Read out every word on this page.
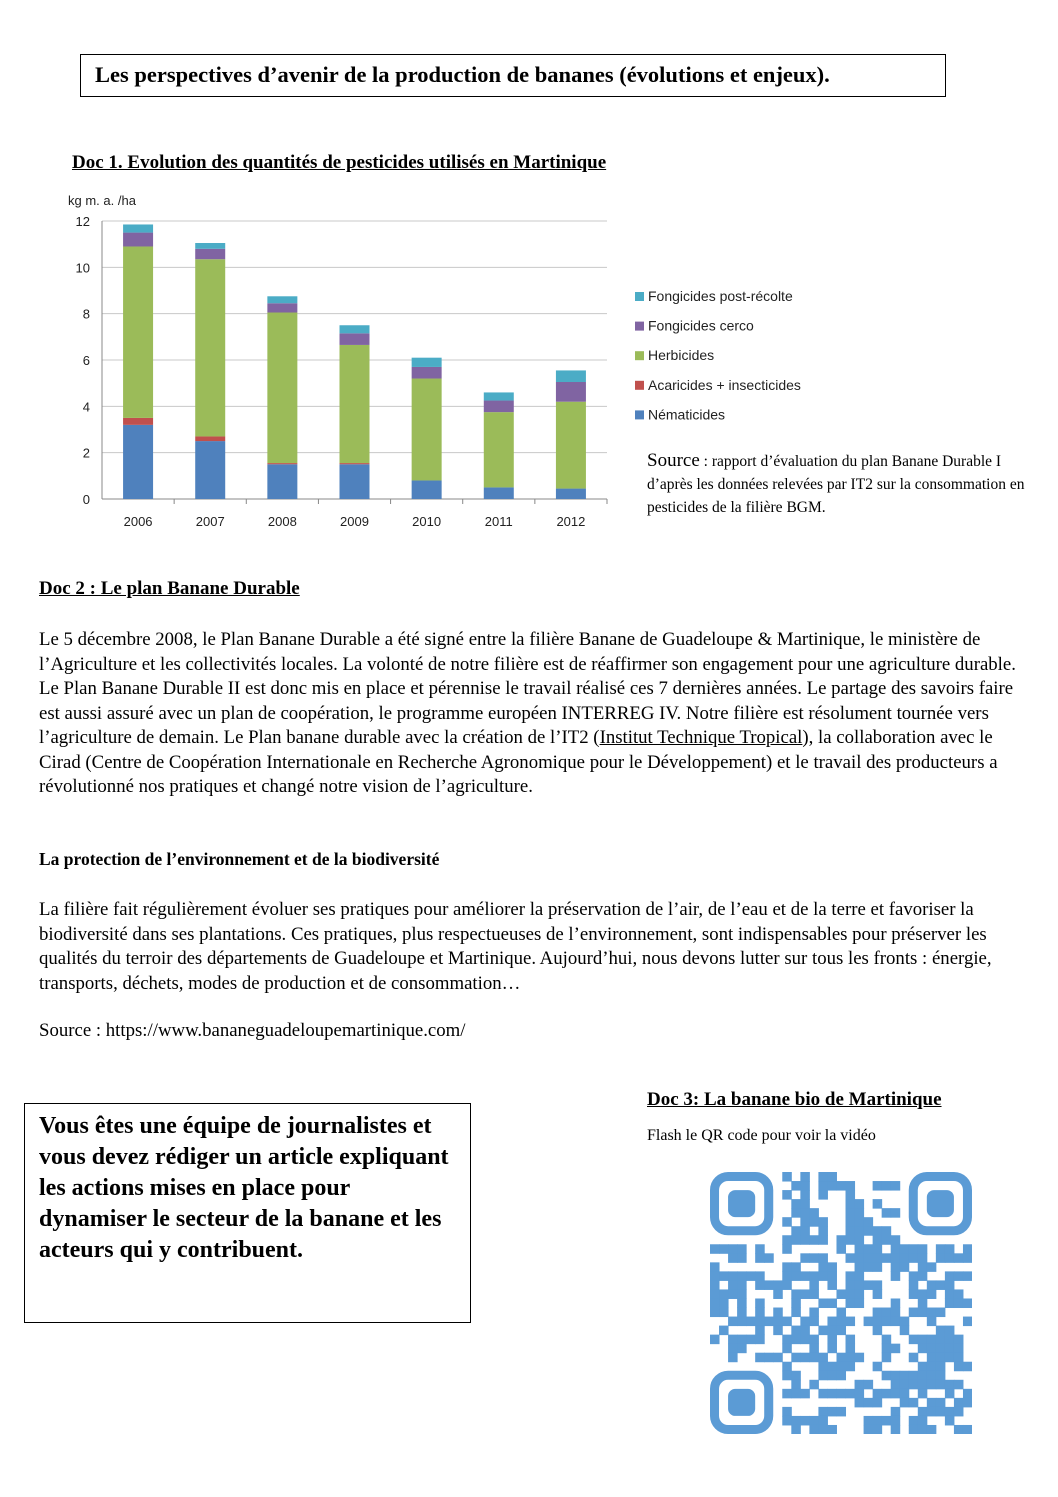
Les perspectives d’avenir de la production de bananes (évolutions et enjeux).
Doc 1. Evolution des quantités de pesticides utilisés en Martinique
kg m. a. /ha
0
2
4
6
8
10
12
2006	2007	2008	2009	2010	2011	2012
Fongicides post-récolte
Fongicides cerco
Herbicides
Acaricides + insecticides
Nématicides
Source : rapport d’évaluation du plan Banane Durable I d’après les données relevées par IT2 sur la consommation en pesticides de la filière BGM.
Doc 2 : Le plan Banane Durable

Le 5 décembre 2008, le Plan Banane Durable a été signé entre la filière Banane de Guadeloupe & Martinique, le ministère de l’Agriculture et les collectivités locales. La volonté de notre filière est de réaffirmer son engagement pour une agriculture durable. Le Plan Banane Durable II est donc mis en place et pérennise le travail réalisé ces 7 dernières années. Le partage des savoirs faire est aussi assuré avec un plan de coopération, le programme européen INTERREG IV. Notre filière est résolument tournée vers l’agriculture de demain. Le Plan banane durable avec la création de l’IT2 (Institut Technique Tropical), la collaboration avec le Cirad (Centre de Coopération Internationale en Recherche Agronomique pour le Développement) et le travail des producteurs a révolutionné nos pratiques et changé notre vision de l’agriculture.

La protection de l’environnement et de la biodiversité

La filière fait régulièrement évoluer ses pratiques pour améliorer la préservation de l’air, de l’eau et de la terre et favoriser la biodiversité dans ses plantations. Ces pratiques, plus respectueuses de l’environnement, sont indispensables pour préserver les qualités du terroir des départements de Guadeloupe et Martinique. Aujourd’hui, nous devons lutter sur tous les fronts : énergie, transports, déchets, modes de production et de consommation…

Source : https://www.bananeguadeloupemartinique.com/
Vous êtes une équipe de journalistes et vous devez rédiger un article expliquant les actions mises en place pour dynamiser le secteur de la banane et les acteurs qui y contribuent.
Doc 3: La banane bio de Martinique
Flash le QR code pour voir la vidéo
